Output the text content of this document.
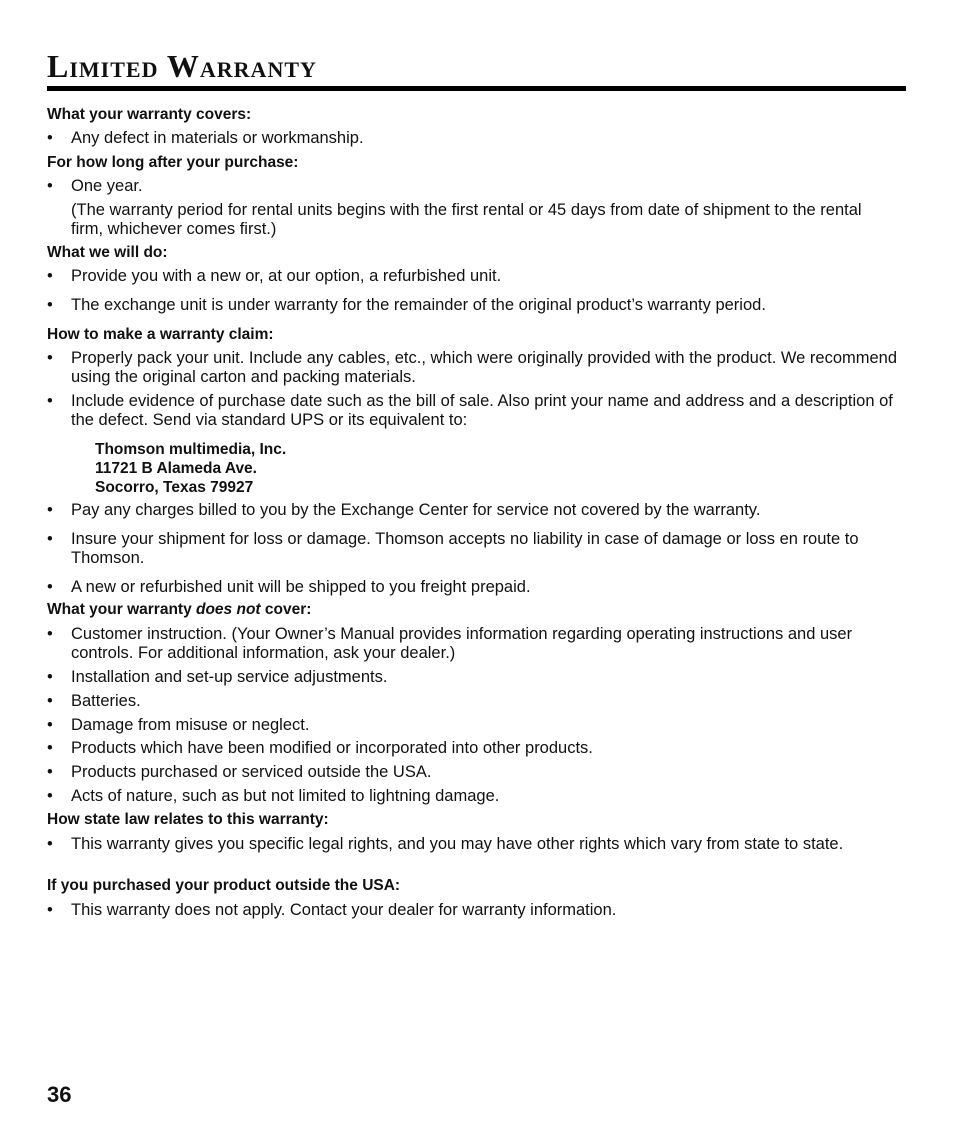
Limited Warranty
What your warranty covers:
• Any defect in materials or workmanship.
For how long after your purchase:
• One year.
(The warranty period for rental units begins with the first rental or 45 days from date of shipment to the rental firm, whichever comes first.)
What we will do:
• Provide you with a new or, at our option, a refurbished unit.
• The exchange unit is under warranty for the remainder of the original product’s warranty period.
How to make a warranty claim:
• Properly pack your unit. Include any cables, etc., which were originally provided with the product. We recommend using the original carton and packing materials.
• Include evidence of purchase date such as the bill of sale. Also print your name and address and a description of the defect. Send via standard UPS or its equivalent to:
Thomson multimedia, Inc.
11721 B Alameda Ave.
Socorro, Texas 79927
• Pay any charges billed to you by the Exchange Center for service not covered by the warranty.
• Insure your shipment for loss or damage. Thomson accepts no liability in case of damage or loss en route to Thomson.
• A new or refurbished unit will be shipped to you freight prepaid.
What your warranty does not cover:
• Customer instruction. (Your Owner’s Manual provides information regarding operating instructions and user controls. For additional information, ask your dealer.)
• Installation and set-up service adjustments.
• Batteries.
• Damage from misuse or neglect.
• Products which have been modified or incorporated into other products.
• Products purchased or serviced outside the USA.
• Acts of nature, such as but not limited to lightning damage.
How state law relates to this warranty:
• This warranty gives you specific legal rights, and you may have other rights which vary from state to state.
If you purchased your product outside the USA:
• This warranty does not apply. Contact your dealer for warranty information.
36
